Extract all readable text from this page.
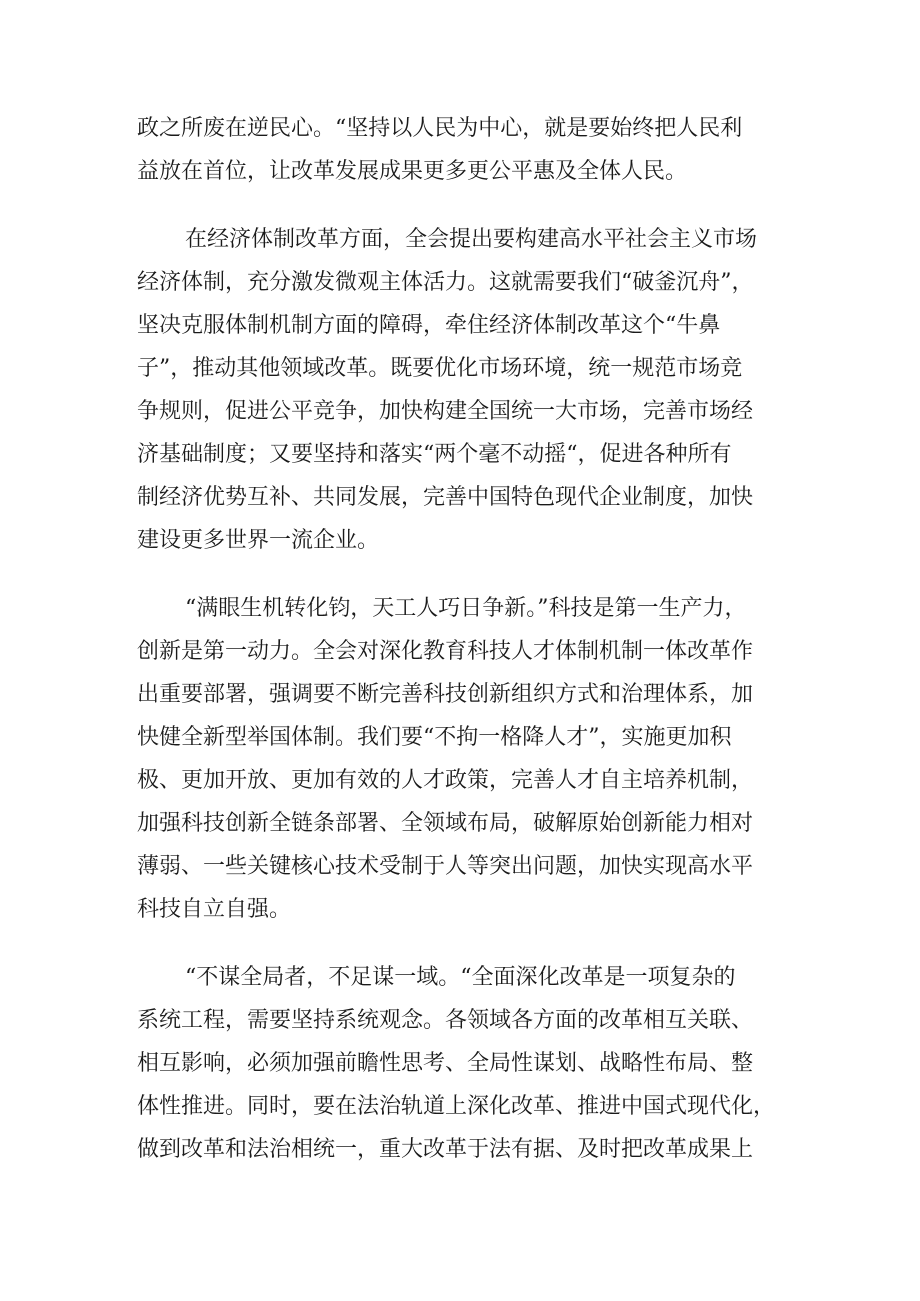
政之所废在逆民心。“坚持以人民为中心，就是要始终把人民利
益放在首位，让改革发展成果更多更公平惠及全体人民。
在经济体制改革方面，全会提出要构建高水平社会主义市场
经济体制，充分激发微观主体活力。这就需要我们“破釜沉舟”，
坚决克服体制机制方面的障碍，牵住经济体制改革这个“牛鼻
子”，推动其他领域改革。既要优化市场环境，统一规范市场竞
争规则，促进公平竞争，加快构建全国统一大市场，完善市场经
济基础制度；又要坚持和落实“两个毫不动摇“，促进各种所有
制经济优势互补、共同发展，完善中国特色现代企业制度，加快
建设更多世界一流企业。
“满眼生机转化钧，天工人巧日争新。”科技是第一生产力，
创新是第一动力。全会对深化教育科技人才体制机制一体改革作
出重要部署，强调要不断完善科技创新组织方式和治理体系，加
快健全新型举国体制。我们要“不拘一格降人才”，实施更加积
极、更加开放、更加有效的人才政策，完善人才自主培养机制，
加强科技创新全链条部署、全领域布局，破解原始创新能力相对
薄弱、一些关键核心技术受制于人等突出问题，加快实现高水平
科技自立自强。
“不谋全局者，不足谋一域。“全面深化改革是一项复杂的
系统工程，需要坚持系统观念。各领域各方面的改革相互关联、
相互影响，必须加强前瞻性思考、全局性谋划、战略性布局、整
体性推进。同时，要在法治轨道上深化改革、推进中国式现代化，
做到改革和法治相统一，重大改革于法有据、及时把改革成果上
